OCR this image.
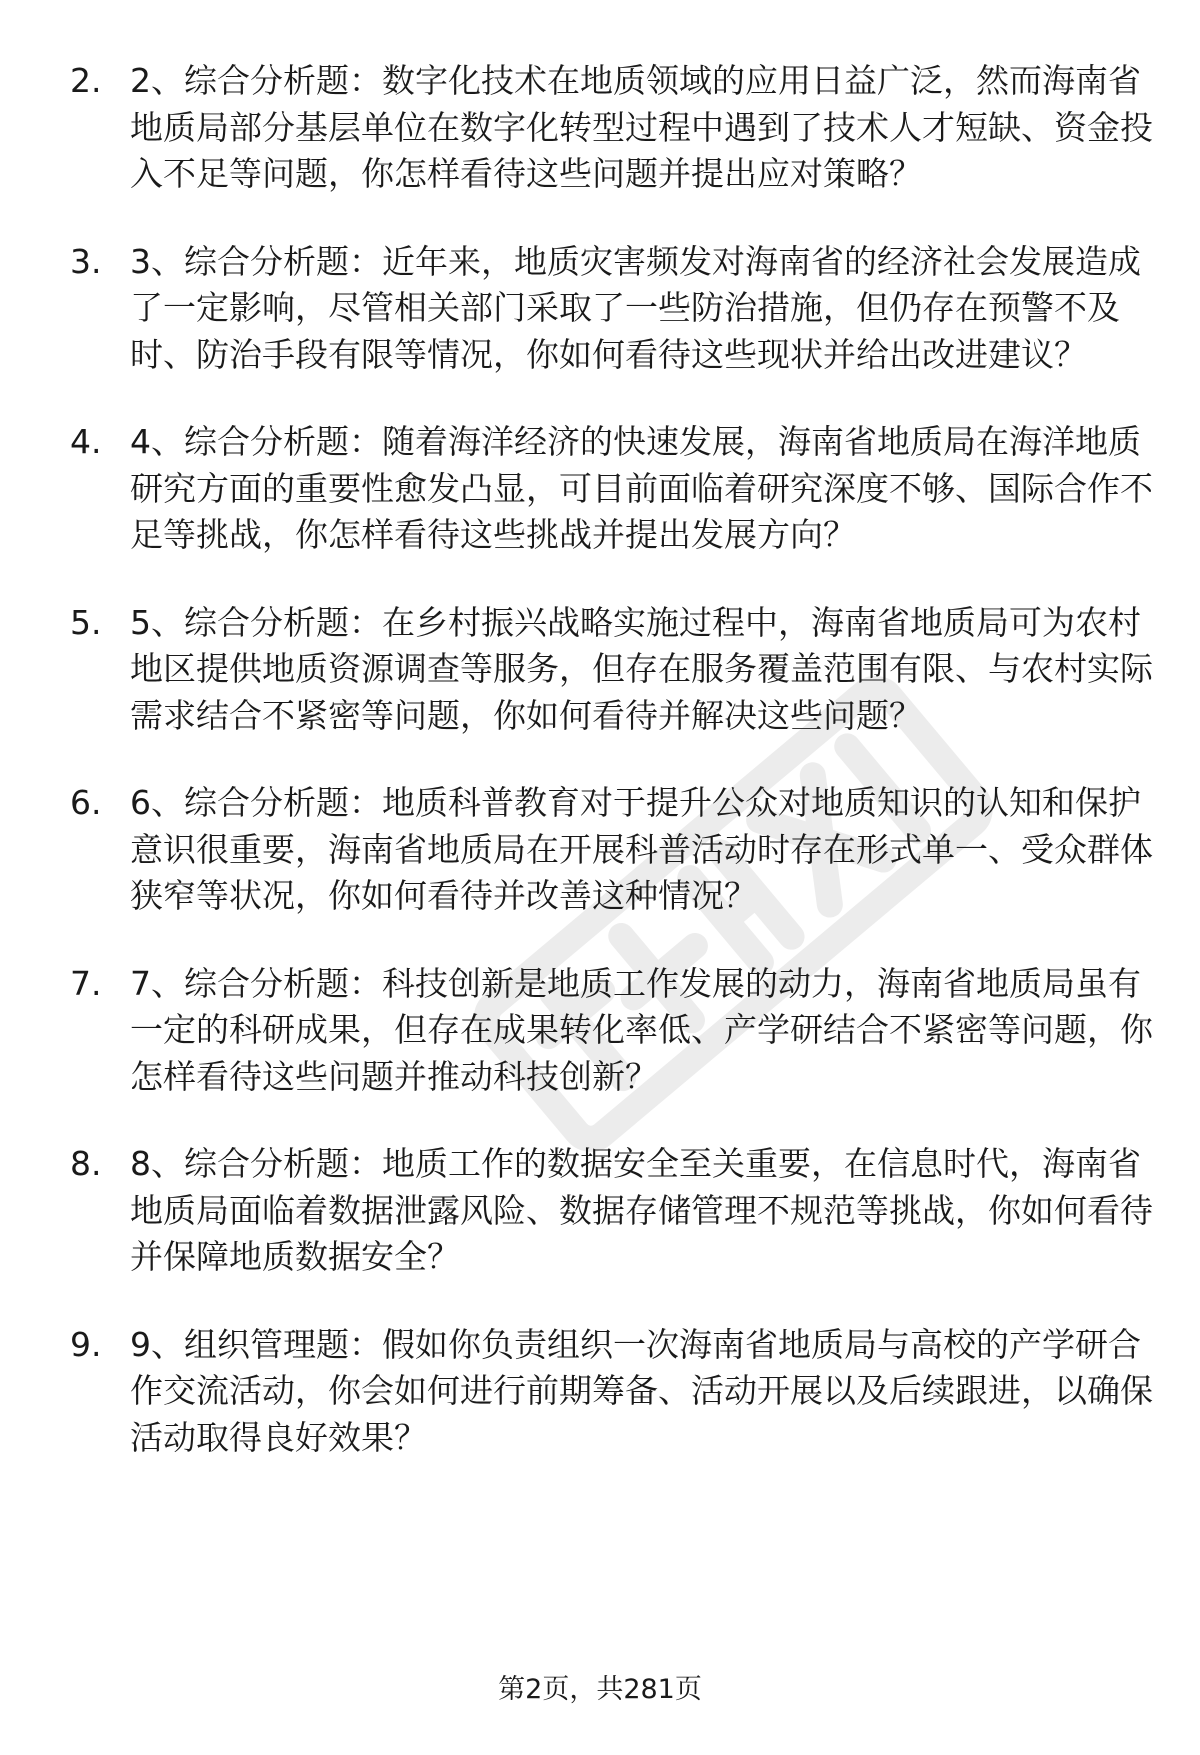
2. 2、综合分析题：数字化技术在地质领域的应用日益广泛，然而海南省地质局部分基层单位在数字化转型过程中遇到了技术人才短缺、资金投入不足等问题，你怎样看待这些问题并提出应对策略？
3. 3、综合分析题：近年来，地质灾害频发对海南省的经济社会发展造成了一定影响，尽管相关部门采取了一些防治措施，但仍存在预警不及时、防治手段有限等情况，你如何看待这些现状并给出改进建议？
4. 4、综合分析题：随着海洋经济的快速发展，海南省地质局在海洋地质研究方面的重要性愈发凸显，可目前面临着研究深度不够、国际合作不足等挑战，你怎样看待这些挑战并提出发展方向？
5. 5、综合分析题：在乡村振兴战略实施过程中，海南省地质局可为农村地区提供地质资源调查等服务，但存在服务覆盖范围有限、与农村实际需求结合不紧密等问题，你如何看待并解决这些问题？
6. 6、综合分析题：地质科普教育对于提升公众对地质知识的认知和保护意识很重要，海南省地质局在开展科普活动时存在形式单一、受众群体狭窄等状况，你如何看待并改善这种情况？
7. 7、综合分析题：科技创新是地质工作发展的动力，海南省地质局虽有一定的科研成果，但存在成果转化率低、产学研结合不紧密等问题，你怎样看待这些问题并推动科技创新？
8. 8、综合分析题：地质工作的数据安全至关重要，在信息时代，海南省地质局面临着数据泄露风险、数据存储管理不规范等挑战，你如何看待并保障地质数据安全？
9. 9、组织管理题：假如你负责组织一次海南省地质局与高校的产学研合作交流活动，你会如何进行前期筹备、活动开展以及后续跟进，以确保活动取得良好效果？
第2页，共281页
